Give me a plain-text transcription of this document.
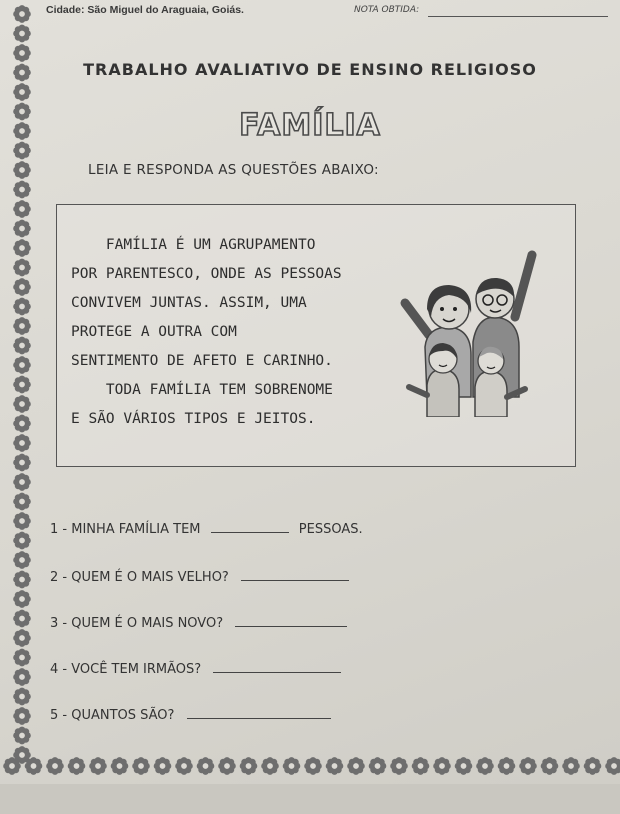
Cidade: São Miguel do Araguaia, Goiás.	NOTA OBTIDA:
TRABALHO AVALIATIVO DE ENSINO RELIGIOSO
FAMÍLIA
LEIA E RESPONDA AS QUESTÕES ABAIXO:
FAMÍLIA É UM AGRUPAMENTO
POR PARENTESCO, ONDE AS PESSOAS
CONVIVEM JUNTAS. ASSIM, UMA
PROTEGE A OUTRA COM
SENTIMENTO DE AFETO E CARINHO.
TODA FAMÍLIA TEM SOBRENOME
E SÃO VÁRIOS TIPOS E JEITOS.
1 - MINHA FAMÍLIA TEM	PESSOAS.
2 - QUEM É O MAIS VELHO?
3 - QUEM É O MAIS NOVO?
4 - VOCÊ TEM IRMÃOS?
5 - QUANTOS SÃO?
